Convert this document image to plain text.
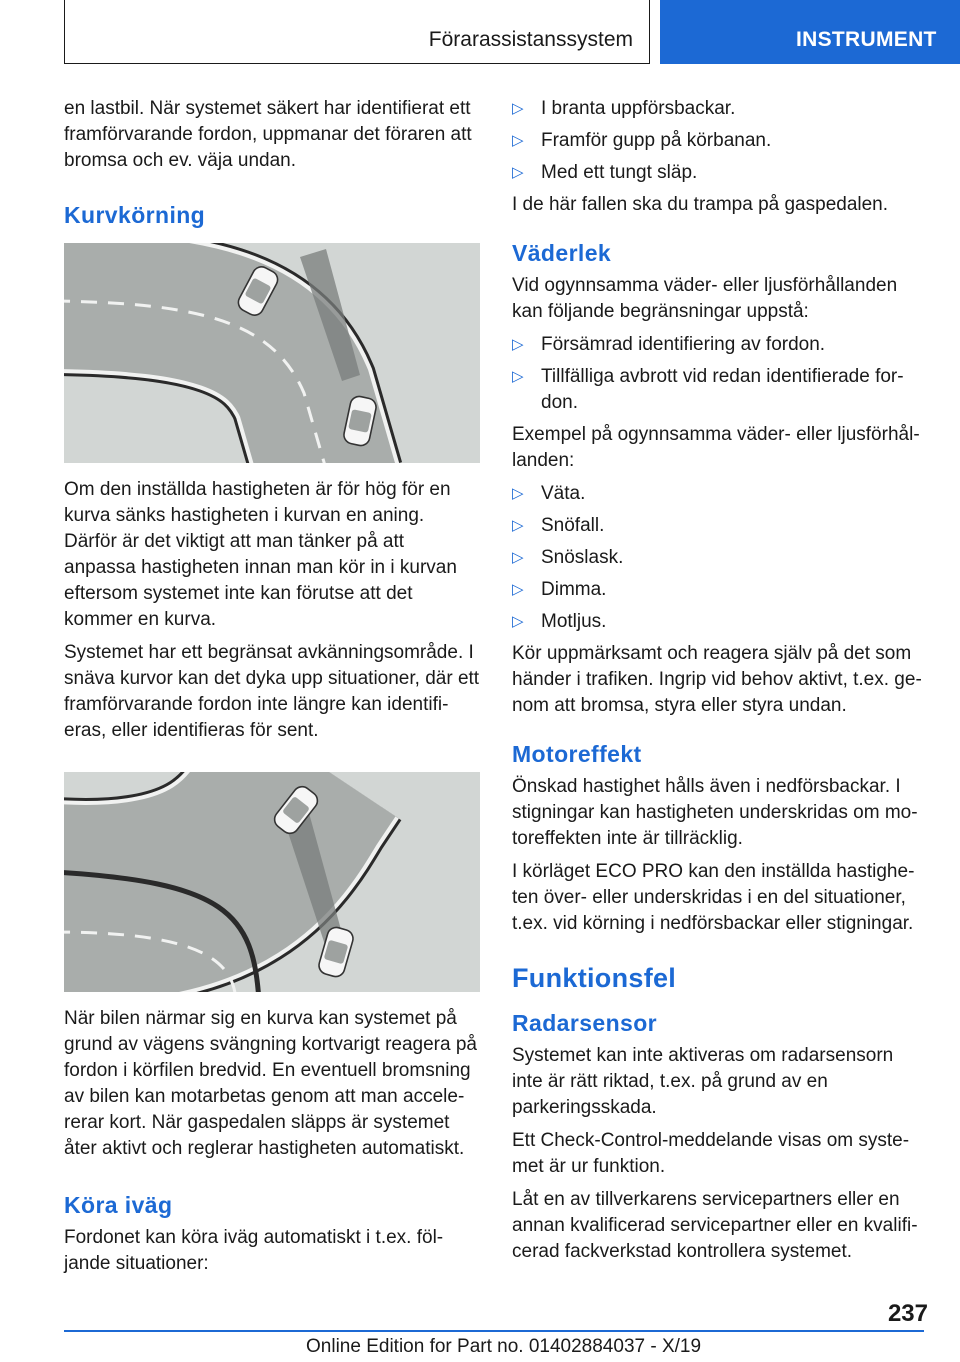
Förarassistanssystem	INSTRUMENT

en lastbil. När systemet säkert har identifierat ett framförvarande fordon, uppmanar det föraren att bromsa och ev. väja undan.

Kurvkörning

Om den inställda hastigheten är för hög för en kurva sänks hastigheten i kurvan en aning. Därför är det viktigt att man tänker på att anpassa hastigheten innan man kör in i kurvan eftersom systemet inte kan förutse att det kommer en kurva.

Systemet har ett begränsat avkänningsområde. I snäva kurvor kan det dyka upp situationer, där ett framförvarande fordon inte längre kan identifieras, eller identifieras för sent.

När bilen närmar sig en kurva kan systemet på grund av vägens svängning kortvarigt reagera på fordon i körfilen bredvid. En eventuell bromsning av bilen kan motarbetas genom att man accelererar kort. När gaspedalen släpps är systemet åter aktivt och reglerar hastigheten automatiskt.

Köra iväg

Fordonet kan köra iväg automatiskt i t.ex. följande situationer:

▷ I branta uppförsbackar.
▷ Framför gupp på körbanan.
▷ Med ett tungt släp.

I de här fallen ska du trampa på gaspedalen.

Väderlek

Vid ogynnsamma väder- eller ljusförhållanden kan följande begränsningar uppstå:

▷ Försämrad identifiering av fordon.
▷ Tillfälliga avbrott vid redan identifierade fordon.

Exempel på ogynnsamma väder- eller ljusförhållanden:

▷ Väta.
▷ Snöfall.
▷ Snöslask.
▷ Dimma.
▷ Motljus.

Kör uppmärksamt och reagera själv på det som händer i trafiken. Ingrip vid behov aktivt, t.ex. genom att bromsa, styra eller styra undan.

Motoreffekt

Önskad hastighet hålls även i nedförsbackar. I stigningar kan hastigheten underskridas om motoreffekten inte är tillräcklig.

I körläget ECO PRO kan den inställda hastigheten över- eller underskridas i en del situationer, t.ex. vid körning i nedförsbackar eller stigningar.

Funktionsfel
Radarsensor

Systemet kan inte aktiveras om radarsensorn inte är rätt riktad, t.ex. på grund av en parkeringsskada.

Ett Check-Control-meddelande visas om systemet är ur funktion.

Låt en av tillverkarens servicepartners eller en annan kvalificerad servicepartner eller en kvalificerad fackverkstad kontrollera systemet.

237
Online Edition for Part no. 01402884037 - X/19
